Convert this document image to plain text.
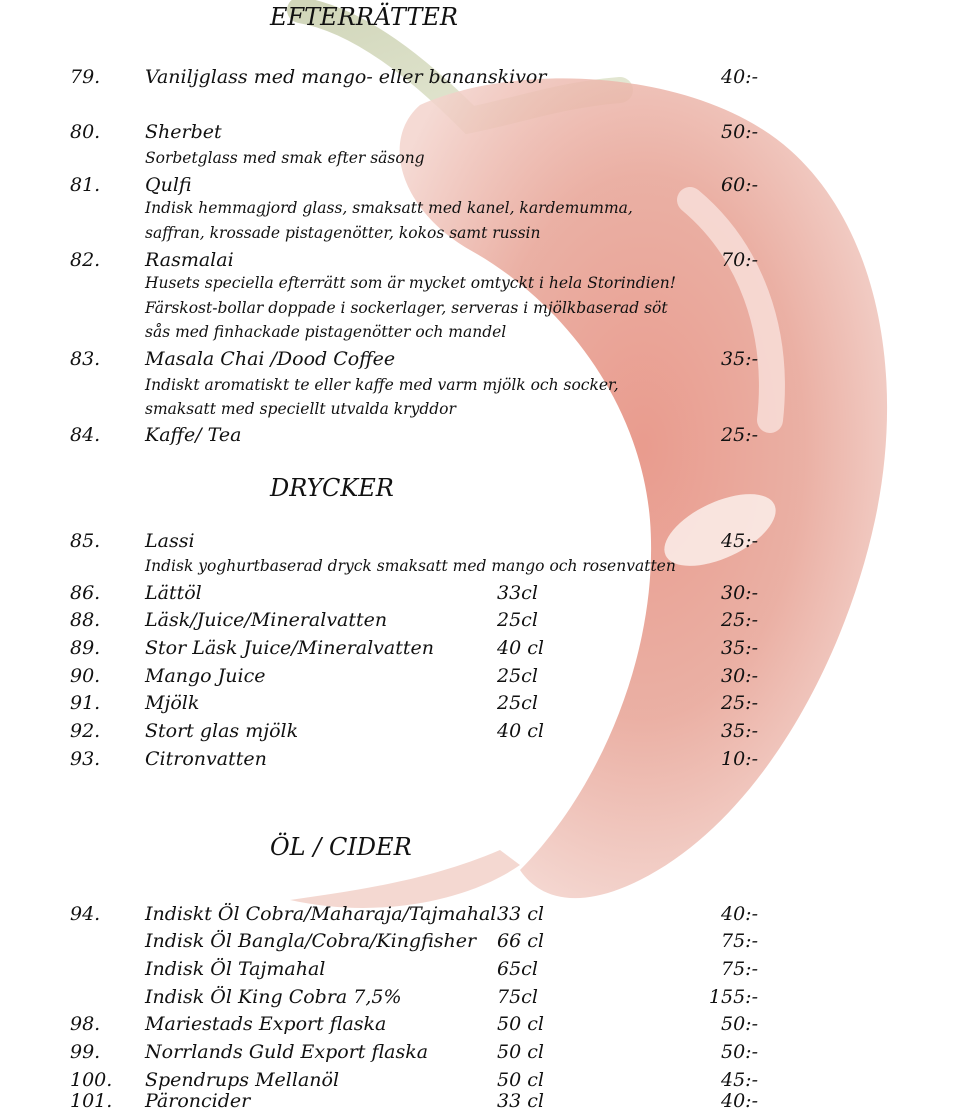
EFTERRÄTTER
79. Vaniljglass med mango- eller bananskivor	40:-
80. Sherbet	50:-
Sorbetglass med smak efter säsong
81. Qulfi	60:-
Indisk hemmagjord glass, smaksatt med kanel, kardemumma,
saffran, krossade pistagenötter, kokos samt russin
82. Rasmalai	70:-
Husets speciella efterrätt som är mycket omtyckt i hela Storindien!
Färskost-bollar doppade i sockerlager, serveras i mjölkbaserad söt
sås med finhackade pistagenötter och mandel
83. Masala Chai /Dood Coffee	35:-
Indiskt aromatiskt te eller kaffe med varm mjölk och socker,
smaksatt med speciellt utvalda kryddor
84. Kaffe/ Tea	25:-
DRYCKER
85. Lassi	45:-
Indisk yoghurtbaserad dryck smaksatt med mango och rosenvatten
86. Lättöl	33cl	30:-
88. Läsk/Juice/Mineralvatten	25cl	25:-
89. Stor Läsk Juice/Mineralvatten	40 cl	35:-
90. Mango Juice	25cl	30:-
91. Mjölk	25cl	25:-
92. Stort glas mjölk	40 cl	35:-
93. Citronvatten	10:-
ÖL / CIDER
94. Indiskt Öl Cobra/Maharaja/Tajmahal 33 cl	40:-
Indisk Öl Bangla/Cobra/Kingfisher 66 cl	75:-
Indisk Öl Tajmahal	65cl	75:-
Indisk Öl King Cobra 7,5%	75cl	155:-
98. Mariestads Export flaska	50 cl	50:-
99. Norrlands Guld Export flaska	50 cl	50:-
100. Spendrups Mellanöl	50 cl	45:-
101. Päroncider	33 cl	40:-
